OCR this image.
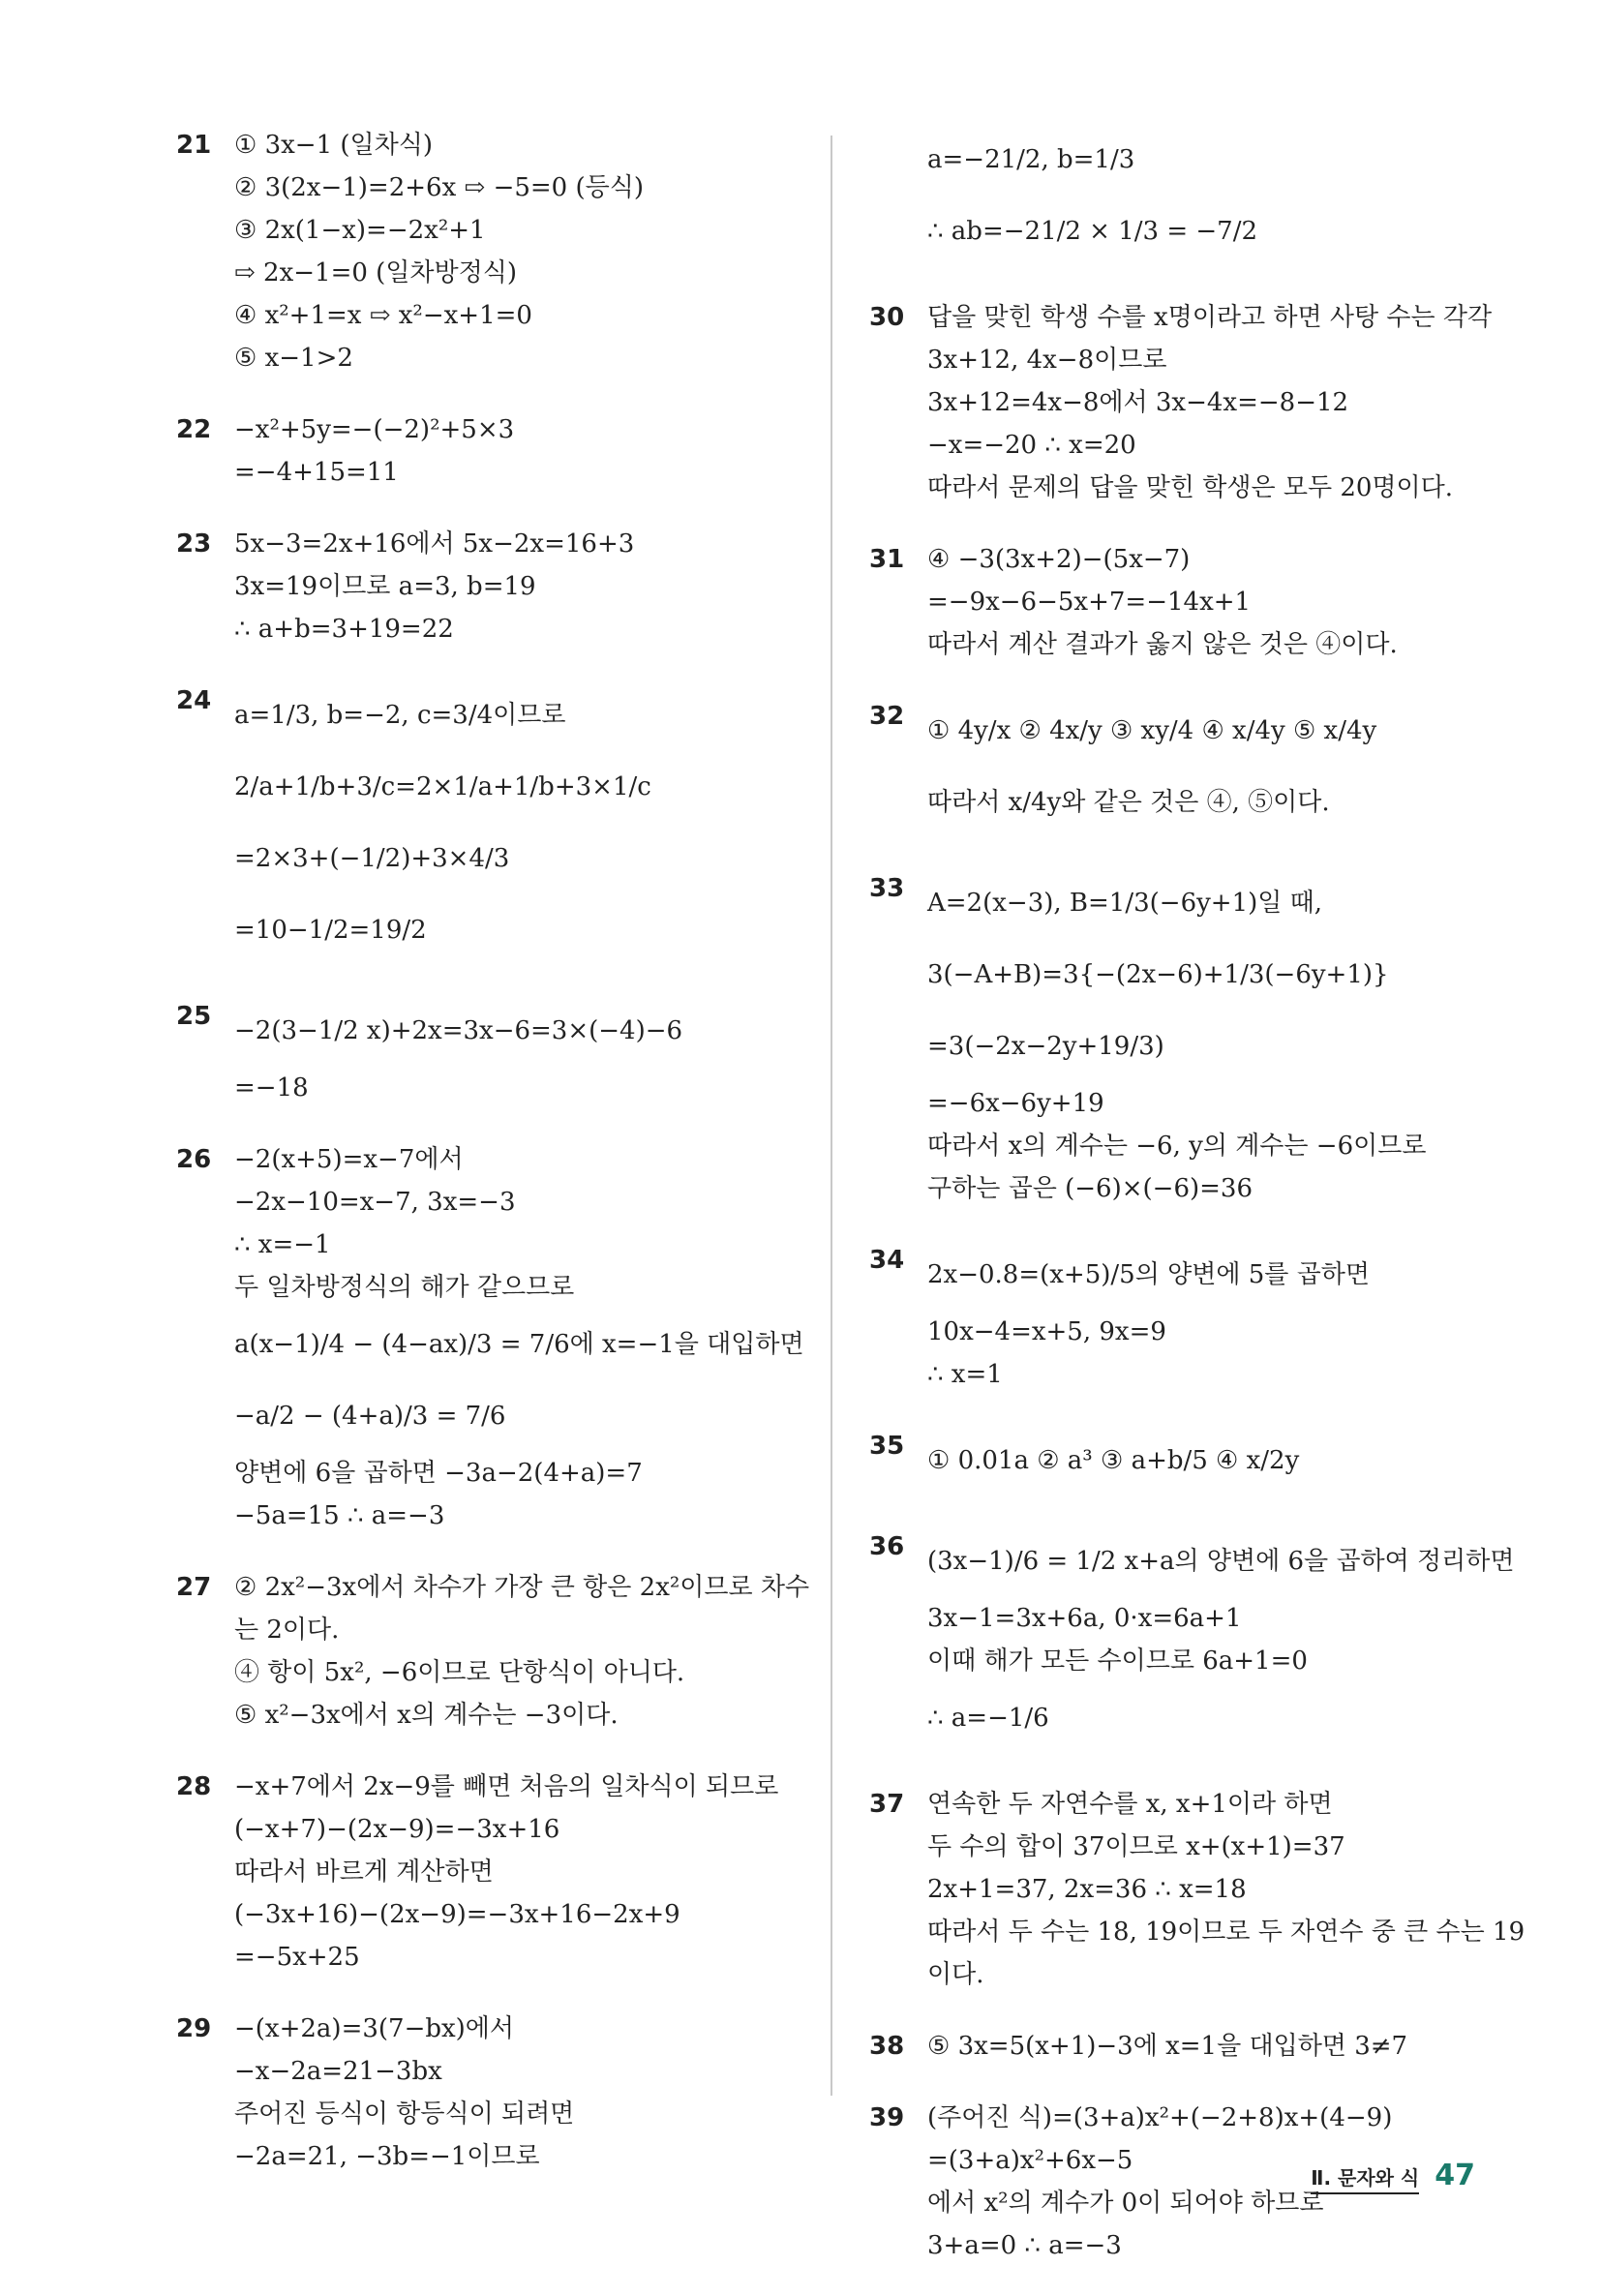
21 ① 3x−1 (일차식)
② 3(2x−1)=2+6x ⇨ −5=0 (등식)
③ 2x(1−x)=−2x²+1
⇨ 2x−1=0 (일차방정식)
④ x²+1=x ⇨ x²−x+1=0
⑤ x−1>2
22 −x²+5y=−(−2)²+5×3
=−4+15=11
23 5x−3=2x+16에서 5x−2x=16+3
3x=19이므로 a=3, b=19
∴ a+b=3+19=22
24 a=1/3, b=−2, c=3/4이므로
2/a+1/b+3/c=2×1/a+1/b+3×1/c
=2×3+(−1/2)+3×4/3
=10−1/2=19/2
25 −2(3−1/2 x)+2x=3x−6=3×(−4)−6
=−18
26 −2(x+5)=x−7에서
−2x−10=x−7, 3x=−3
∴ x=−1
두 일차방정식의 해가 같으므로
a(x−1)/4 − (4−ax)/3 = 7/6에 x=−1을 대입하면
−a/2 − (4+a)/3 = 7/6
양변에 6을 곱하면 −3a−2(4+a)=7
−5a=15 ∴ a=−3
27 ② 2x²−3x에서 차수가 가장 큰 항은 2x²이므로 차수
는 2이다.
④ 항이 5x², −6이므로 단항식이 아니다.
⑤ x²−3x에서 x의 계수는 −3이다.
28 −x+7에서 2x−9를 빼면 처음의 일차식이 되므로
(−x+7)−(2x−9)=−3x+16
따라서 바르게 계산하면
(−3x+16)−(2x−9)=−3x+16−2x+9
=−5x+25
29 −(x+2a)=3(7−bx)에서
−x−2a=21−3bx
주어진 등식이 항등식이 되려면
−2a=21, −3b=−1이므로
a=−21/2, b=1/3
∴ ab=−21/2 × 1/3 = −7/2
30 답을 맞힌 학생 수를 x명이라고 하면 사탕 수는 각각
3x+12, 4x−8이므로
3x+12=4x−8에서 3x−4x=−8−12
−x=−20 ∴ x=20
따라서 문제의 답을 맞힌 학생은 모두 20명이다.
31 ④ −3(3x+2)−(5x−7)
=−9x−6−5x+7=−14x+1
따라서 계산 결과가 옳지 않은 것은 ④이다.
32 ① 4y/x ② 4x/y ③ xy/4 ④ x/4y ⑤ x/4y
따라서 x/4y와 같은 것은 ④, ⑤이다.
33 A=2(x−3), B=1/3(−6y+1)일 때,
3(−A+B)=3{−(2x−6)+1/3(−6y+1)}
=3(−2x−2y+19/3)
=−6x−6y+19
따라서 x의 계수는 −6, y의 계수는 −6이므로
구하는 곱은 (−6)×(−6)=36
34 2x−0.8=(x+5)/5의 양변에 5를 곱하면
10x−4=x+5, 9x=9
∴ x=1
35 ① 0.01a ② a³ ③ a+b/5 ④ x/2y
36 (3x−1)/6 = 1/2 x+a의 양변에 6을 곱하여 정리하면
3x−1=3x+6a, 0·x=6a+1
이때 해가 모든 수이므로 6a+1=0
∴ a=−1/6
37 연속한 두 자연수를 x, x+1이라 하면
두 수의 합이 37이므로 x+(x+1)=37
2x+1=37, 2x=36 ∴ x=18
따라서 두 수는 18, 19이므로 두 자연수 중 큰 수는 19
이다.
38 ⑤ 3x=5(x+1)−3에 x=1을 대입하면 3≠7
39 (주어진 식)=(3+a)x²+(−2+8)x+(4−9)
=(3+a)x²+6x−5
에서 x²의 계수가 0이 되어야 하므로
3+a=0 ∴ a=−3
Ⅱ. 문자와 식 47
